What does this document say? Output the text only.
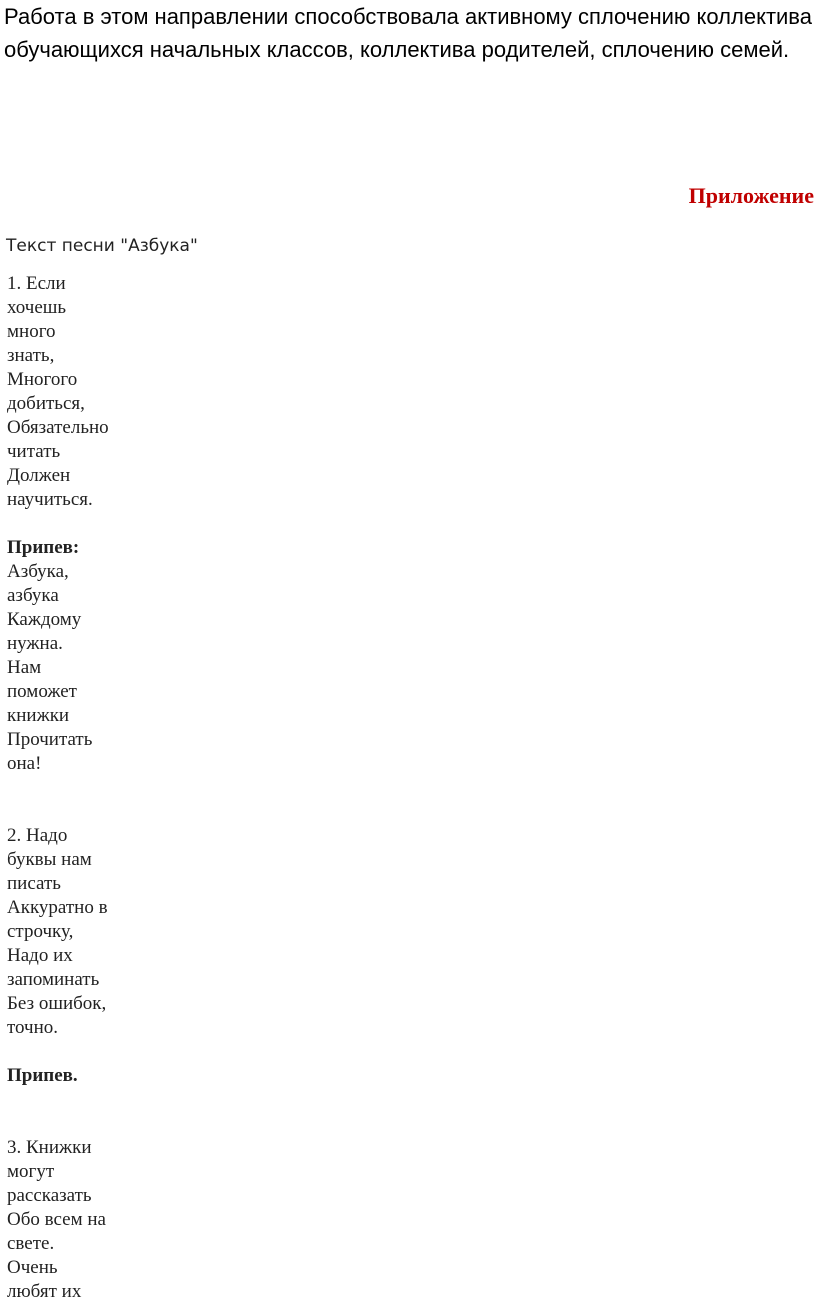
Работа в этом направлении способствовала активному сплочению коллектива
обучающихся начальных классов, коллектива родителей, сплочению семей.

Приложение

Текст песни "Азбука"

1. Если
хочешь
много
знать,
Многого
добиться,
Обязательно
читать
Должен
научиться.
Припев:
Азбука,
азбука
Каждому
нужна.
Нам
поможет
книжки
Прочитать
она!
2. Надо
буквы нам
писать
Аккуратно в
строчку,
Надо их
запоминать
Без ошибок,
точно.
Припев.
3. Книжки
могут
рассказать
Обо всем на
свете.
Очень
любят их
